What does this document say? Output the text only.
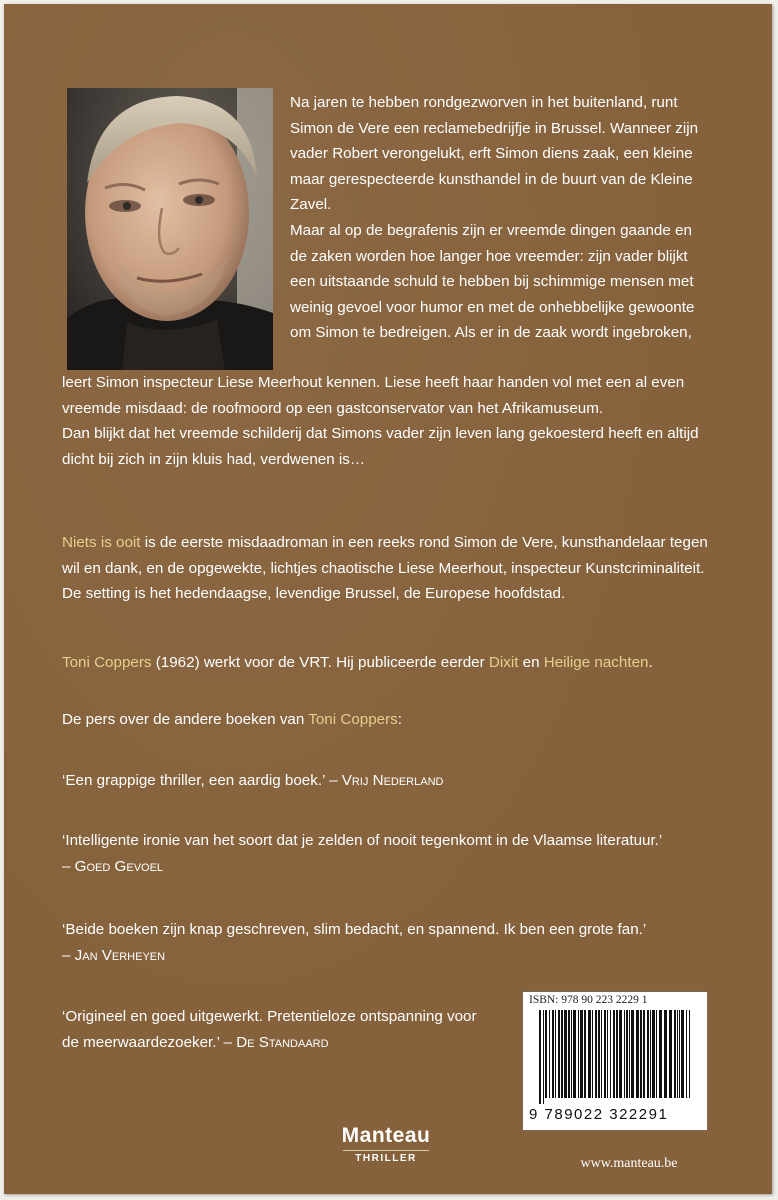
Na jaren te hebben rondgezworven in het buitenland, runt
Simon de Vere een reclamebedrijfje in Brussel. Wanneer zijn
vader Robert verongelukt, erft Simon diens zaak, een kleine
maar gerespecteerde kunsthandel in de buurt van de Kleine
Zavel.
Maar al op de begrafenis zijn er vreemde dingen gaande en
de zaken worden hoe langer hoe vreemder: zijn vader blijkt
een uitstaande schuld te hebben bij schimmige mensen met
weinig gevoel voor humor en met de onhebbelijke gewoonte
om Simon te bedreigen. Als er in de zaak wordt ingebroken,
leert Simon inspecteur Liese Meerhout kennen. Liese heeft haar handen vol met een al even
vreemde misdaad: de roofmoord op een gastconservator van het Afrikamuseum.
Dan blijkt dat het vreemde schilderij dat Simons vader zijn leven lang gekoesterd heeft en altijd
dicht bij zich in zijn kluis had, verdwenen is…
Niets is ooit is de eerste misdaadroman in een reeks rond Simon de Vere, kunsthandelaar tegen
wil en dank, en de opgewekte, lichtjes chaotische Liese Meerhout, inspecteur Kunstcriminaliteit.
De setting is het hedendaagse, levendige Brussel, de Europese hoofdstad.
Toni Coppers (1962) werkt voor de VRT. Hij publiceerde eerder Dixit en Heilige nachten.
De pers over de andere boeken van Toni Coppers:
‘Een grappige thriller, een aardig boek.’ – Vrij Nederland
‘Intelligente ironie van het soort dat je zelden of nooit tegenkomt in de Vlaamse literatuur.’
– Goed Gevoel
‘Beide boeken zijn knap geschreven, slim bedacht, en spannend. Ik ben een grote fan.’
– Jan Verheyen
‘Origineel en goed uitgewerkt. Pretentieloze ontspanning voor
de meerwaardezoeker.’ – De Standaard
ISBN: 978 90 223 2229 1
9 789022 322291
Manteau
THRILLER	www.manteau.be
